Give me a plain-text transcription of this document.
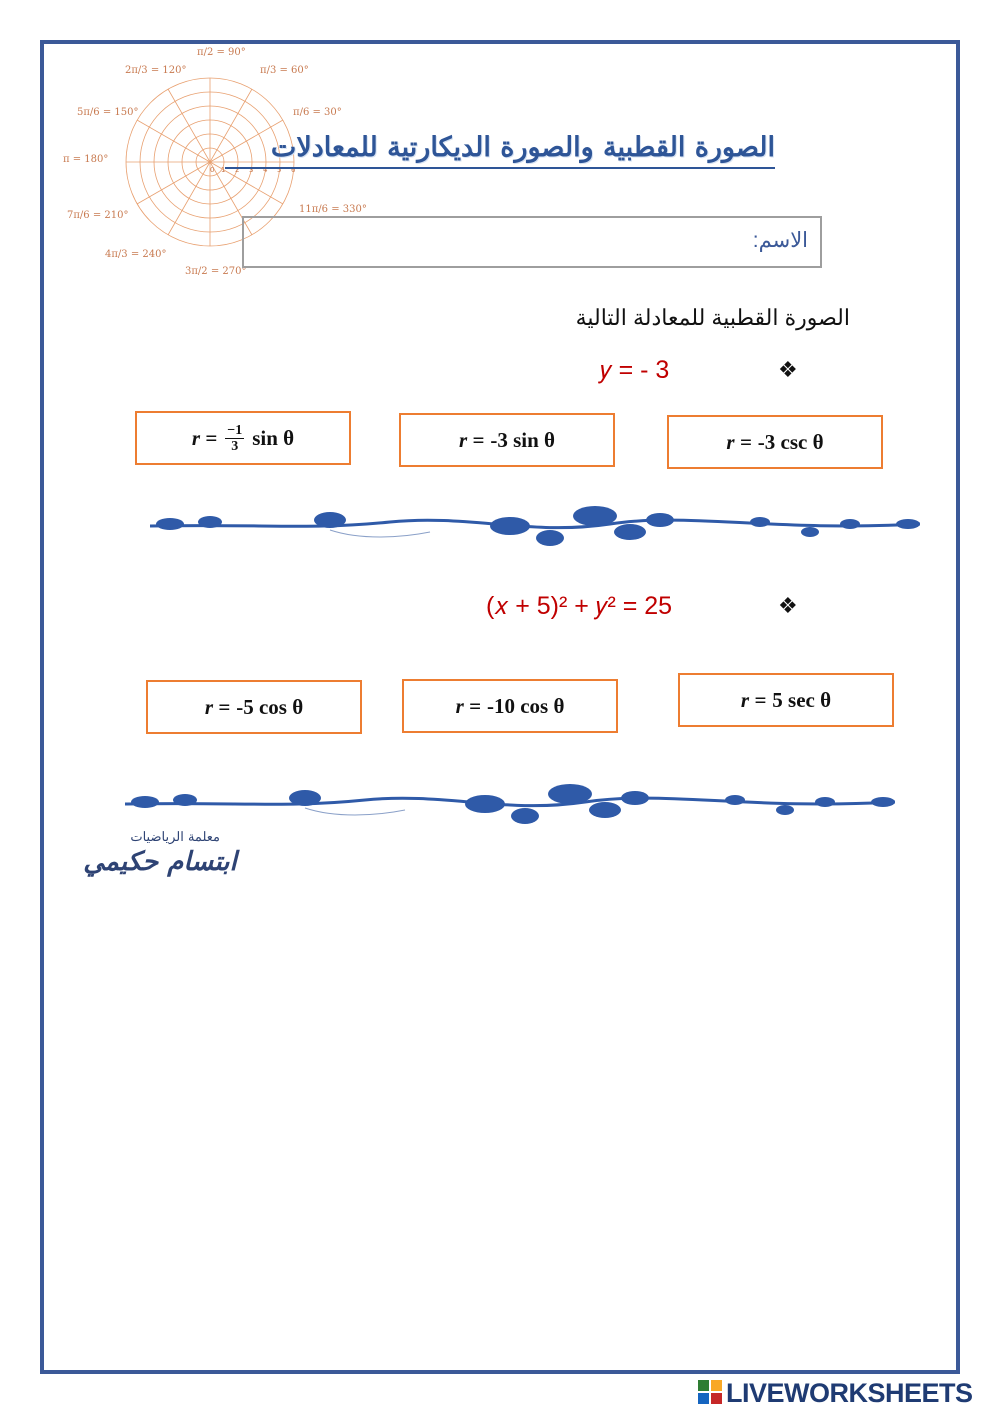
π/2 = 90°
2π/3 = 120°	π/3 = 60°
5π/6 = 150°	π/6 = 30°
π = 180°
7π/6 = 210°
11π/6 = 330°
4π/3 = 240°
3π/2 = 270°
0 1 2 3 4 5 6
الصورة القطبية والصورة الديكارتية للمعادلات
الاسم:
الصورة القطبية للمعادلة التالية
𝑦 = - 3	❖
$r = \frac{-1}{3}$ sin θ	r = -3 sin θ	r = -3 csc θ
(𝑥 + 5)² + 𝑦² = 25	❖
r = -5 cos θ	r = -10 cos θ	r = 5 sec θ
معلمة الرياضيات
ابتسام حكيمي
LIVEWORKSHEETS
